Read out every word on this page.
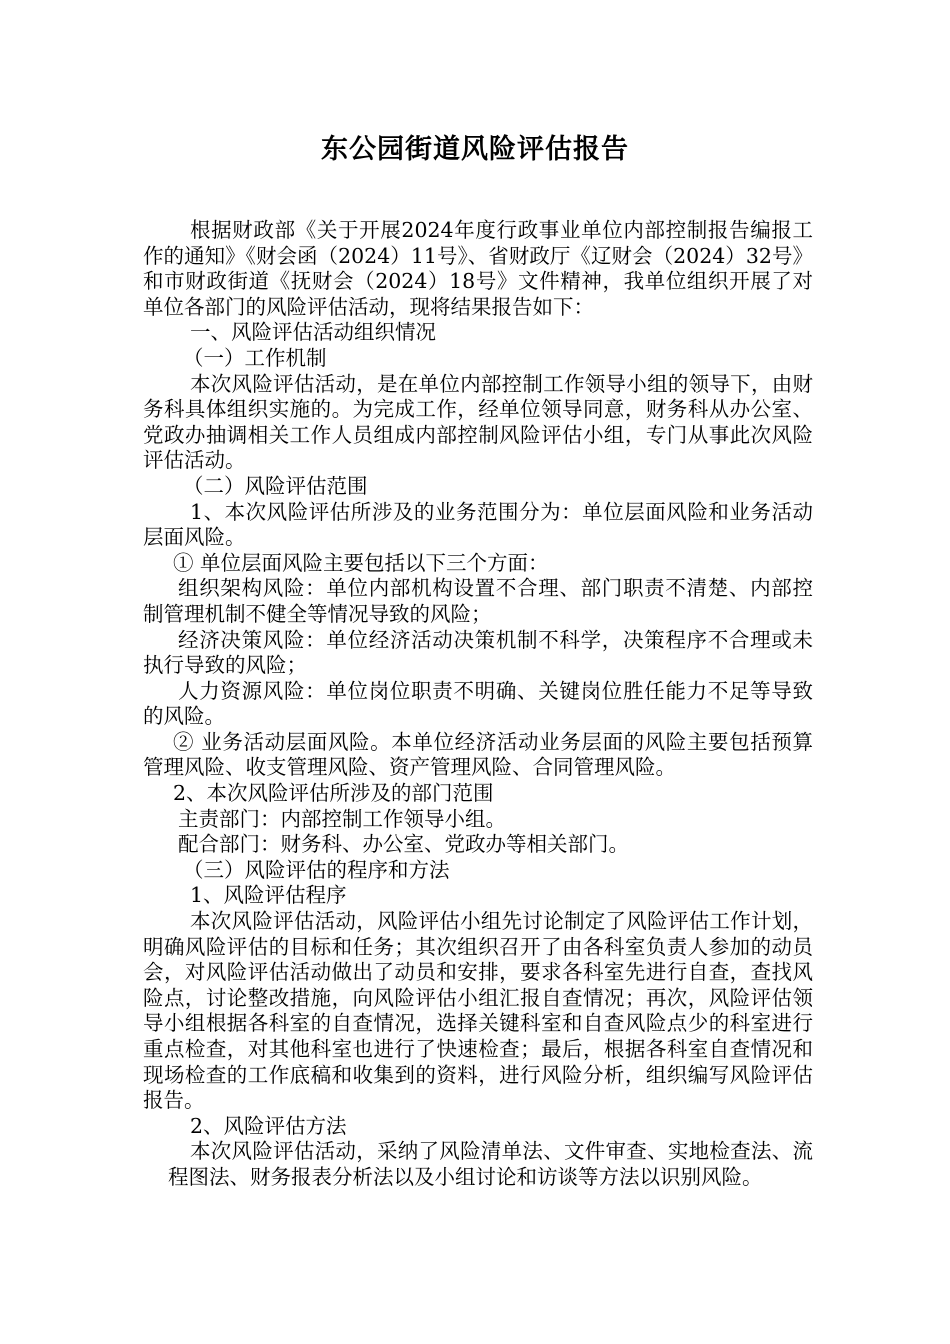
东公园街道风险评估报告

根据财政部《关于开展2024年度行政事业单位内部控制报告编报工作的通知》《财会函（2024）11号》、省财政厅《辽财会（2024）32号》和市财政街道《抚财会（2024）18号》文件精神，我单位组织开展了对单位各部门的风险评估活动，现将结果报告如下：

一、风险评估活动组织情况

（一）工作机制

本次风险评估活动，是在单位内部控制工作领导小组的领导下，由财务科具体组织实施的。为完成工作，经单位领导同意，财务科从办公室、党政办抽调相关工作人员组成内部控制风险评估小组，专门从事此次风险评估活动。

（二）风险评估范围

1、本次风险评估所涉及的业务范围分为：单位层面风险和业务活动层面风险。

① 单位层面风险主要包括以下三个方面：

组织架构风险：单位内部机构设置不合理、部门职责不清楚、内部控制管理机制不健全等情况导致的风险；

经济决策风险：单位经济活动决策机制不科学，决策程序不合理或未执行导致的风险；

人力资源风险：单位岗位职责不明确、关键岗位胜任能力不足等导致的风险。

② 业务活动层面风险。本单位经济活动业务层面的风险主要包括预算管理风险、收支管理风险、资产管理风险、合同管理风险。

2、本次风险评估所涉及的部门范围

主责部门：内部控制工作领导小组。

配合部门：财务科、办公室、党政办等相关部门。

（三）风险评估的程序和方法

1、风险评估程序

本次风险评估活动，风险评估小组先讨论制定了风险评估工作计划，明确风险评估的目标和任务；其次组织召开了由各科室负责人参加的动员会，对风险评估活动做出了动员和安排，要求各科室先进行自查，查找风险点，讨论整改措施，向风险评估小组汇报自查情况；再次，风险评估领导小组根据各科室的自查情况，选择关键科室和自查风险点少的科室进行重点检查，对其他科室也进行了快速检查；最后，根据各科室自查情况和现场检查的工作底稿和收集到的资料，进行风险分析，组织编写风险评估报告。

2、风险评估方法

本次风险评估活动，采纳了风险清单法、文件审查、实地检查法、流程图法、财务报表分析法以及小组讨论和访谈等方法以识别风险。
